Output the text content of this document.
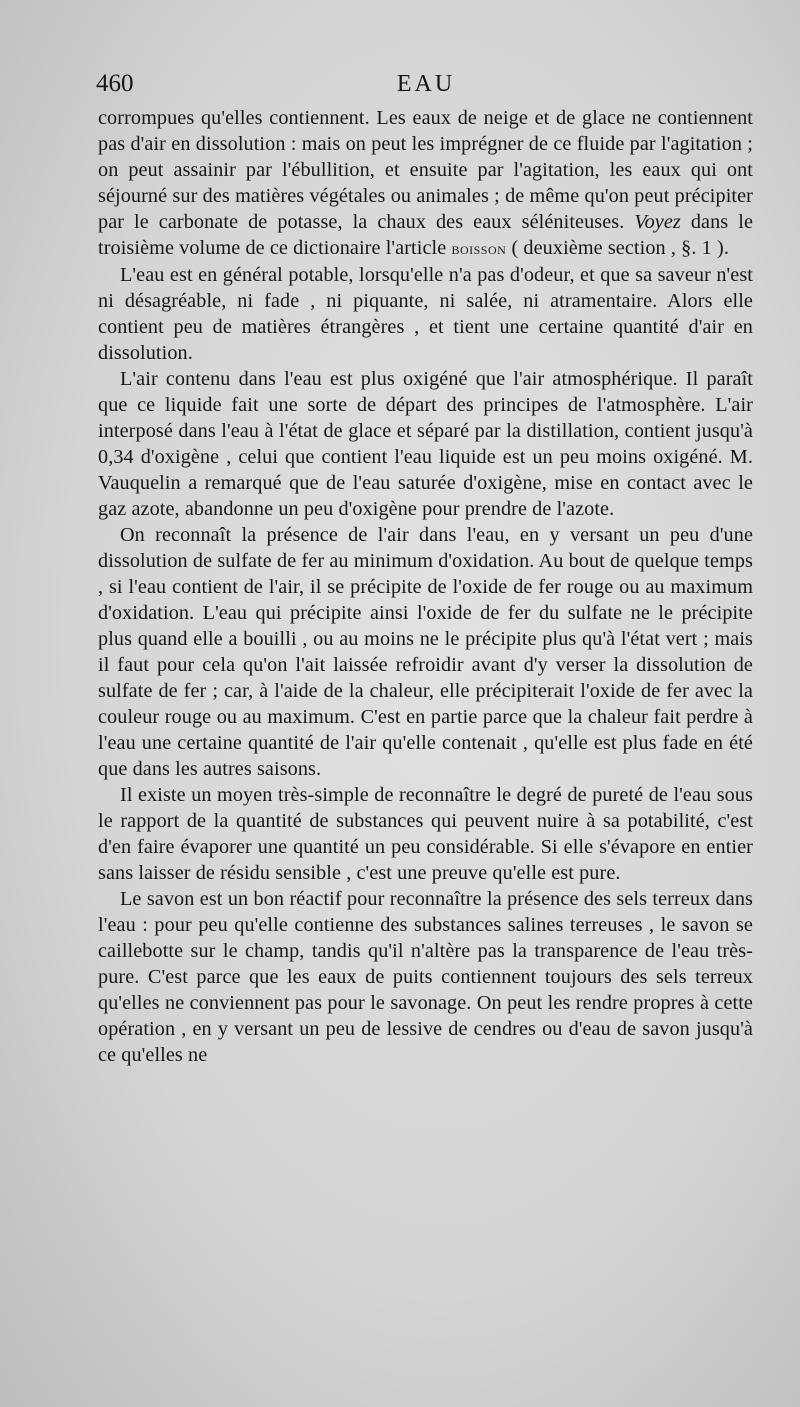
460	EAU

corrompues qu'elles contiennent. Les eaux de neige et de glace ne contiennent pas d'air en dissolution : mais on peut les imprégner de ce fluide par l'agitation ; on peut assainir par l'ébullition, et ensuite par l'agitation, les eaux qui ont séjourné sur des matières végétales ou animales ; de même qu'on peut précipiter par le carbonate de potasse, la chaux des eaux séléniteuses. Voyez dans le troisième volume de ce dictionaire l'article boisson ( deuxième section , §. 1 ).

L'eau est en général potable, lorsqu'elle n'a pas d'odeur, et que sa saveur n'est ni désagréable, ni fade , ni piquante, ni salée, ni atramentaire. Alors elle contient peu de matières étrangères , et tient une certaine quantité d'air en dissolution.

L'air contenu dans l'eau est plus oxigéné que l'air atmosphérique. Il paraît que ce liquide fait une sorte de départ des principes de l'atmosphère. L'air interposé dans l'eau à l'état de glace et séparé par la distillation, contient jusqu'à 0,34 d'oxigène , celui que contient l'eau liquide est un peu moins oxigéné. M. Vauquelin a remarqué que de l'eau saturée d'oxigène, mise en contact avec le gaz azote, abandonne un peu d'oxigène pour prendre de l'azote.

On reconnaît la présence de l'air dans l'eau, en y versant un peu d'une dissolution de sulfate de fer au minimum d'oxidation. Au bout de quelque temps , si l'eau contient de l'air, il se précipite de l'oxide de fer rouge ou au maximum d'oxidation. L'eau qui précipite ainsi l'oxide de fer du sulfate ne le précipite plus quand elle a bouilli , ou au moins ne le précipite plus qu'à l'état vert ; mais il faut pour cela qu'on l'ait laissée refroidir avant d'y verser la dissolution de sulfate de fer ; car, à l'aide de la chaleur, elle précipiterait l'oxide de fer avec la couleur rouge ou au maximum. C'est en partie parce que la chaleur fait perdre à l'eau une certaine quantité de l'air qu'elle contenait , qu'elle est plus fade en été que dans les autres saisons.

Il existe un moyen très-simple de reconnaître le degré de pureté de l'eau sous le rapport de la quantité de substances qui peuvent nuire à sa potabilité, c'est d'en faire évaporer une quantité un peu considérable. Si elle s'évapore en entier sans laisser de résidu sensible , c'est une preuve qu'elle est pure.

Le savon est un bon réactif pour reconnaître la présence des sels terreux dans l'eau : pour peu qu'elle contienne des substances salines terreuses , le savon se caillebotte sur le champ, tandis qu'il n'altère pas la transparence de l'eau très-pure. C'est parce que les eaux de puits contiennent toujours des sels terreux qu'elles ne conviennent pas pour le savonage. On peut les rendre propres à cette opération , en y versant un peu de lessive de cendres ou d'eau de savon jusqu'à ce qu'elles ne
